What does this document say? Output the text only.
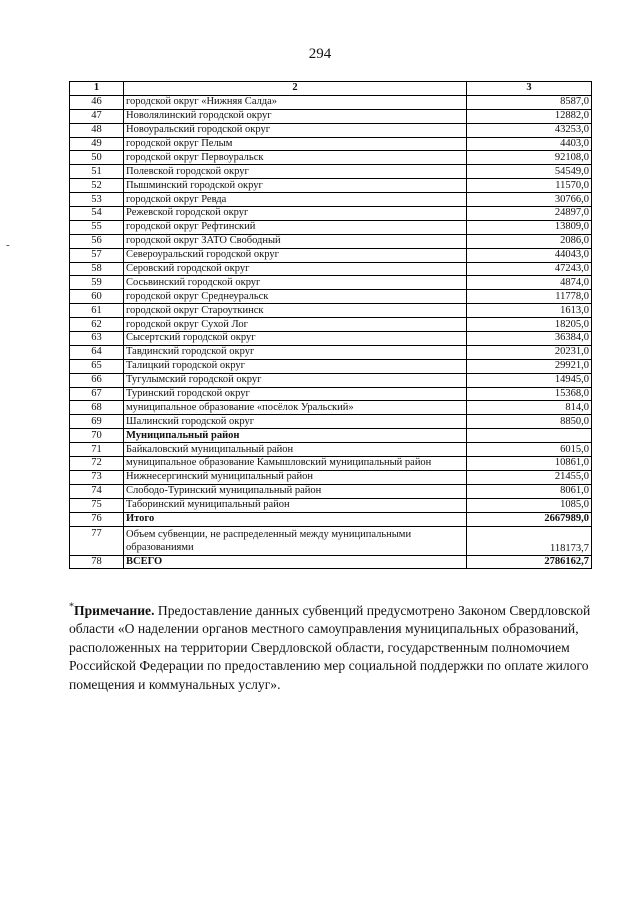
294
-
1	2	3
46	городской округ «Нижняя Салда»	8587,0
47	Новолялинский городской округ	12882,0
48	Новоуральский городской округ	43253,0
49	городской округ Пелым	4403,0
50	городской округ Первоуральск	92108,0
51	Полевской городской округ	54549,0
52	Пышминский городской округ	11570,0
53	городской округ Ревда	30766,0
54	Режевской городской округ	24897,0
55	городской округ Рефтинский	13809,0
56	городской округ ЗАТО Свободный	2086,0
57	Североуральский городской округ	44043,0
58	Серовский городской округ	47243,0
59	Сосьвинский городской округ	4874,0
60	городской округ Среднеуральск	11778,0
61	городской округ Староуткинск	1613,0
62	городской округ Сухой Лог	18205,0
63	Сысертский городской округ	36384,0
64	Тавдинский городской округ	20231,0
65	Талицкий городской округ	29921,0
66	Тугулымский городской округ	14945,0
67	Туринский городской округ	15368,0
68	муниципальное образование «посёлок Уральский»	814,0
69	Шалинский городской округ	8850,0
70	Муниципальный район	
71	Байкаловский муниципальный район	6015,0
72	муниципальное образование Камышловский муниципальный район	10861,0
73	Нижнесергинский муниципальный район	21455,0
74	Слободо-Туринский муниципальный район	8061,0
75	Таборинский муниципальный район	1085,0
76	Итого	2667989,0
77	Объем субвенции, не распределенный между муниципальными образованиями	118173,7
78	ВСЕГО	2786162,7

*Примечание. Предоставление данных субвенций предусмотрено Законом Свердловской области «О наделении органов местного самоуправления муниципальных образований, расположенных на территории Свердловской области, государственным полномочием Российской Федерации по предоставлению мер социальной поддержки по оплате жилого помещения и коммунальных услуг».
